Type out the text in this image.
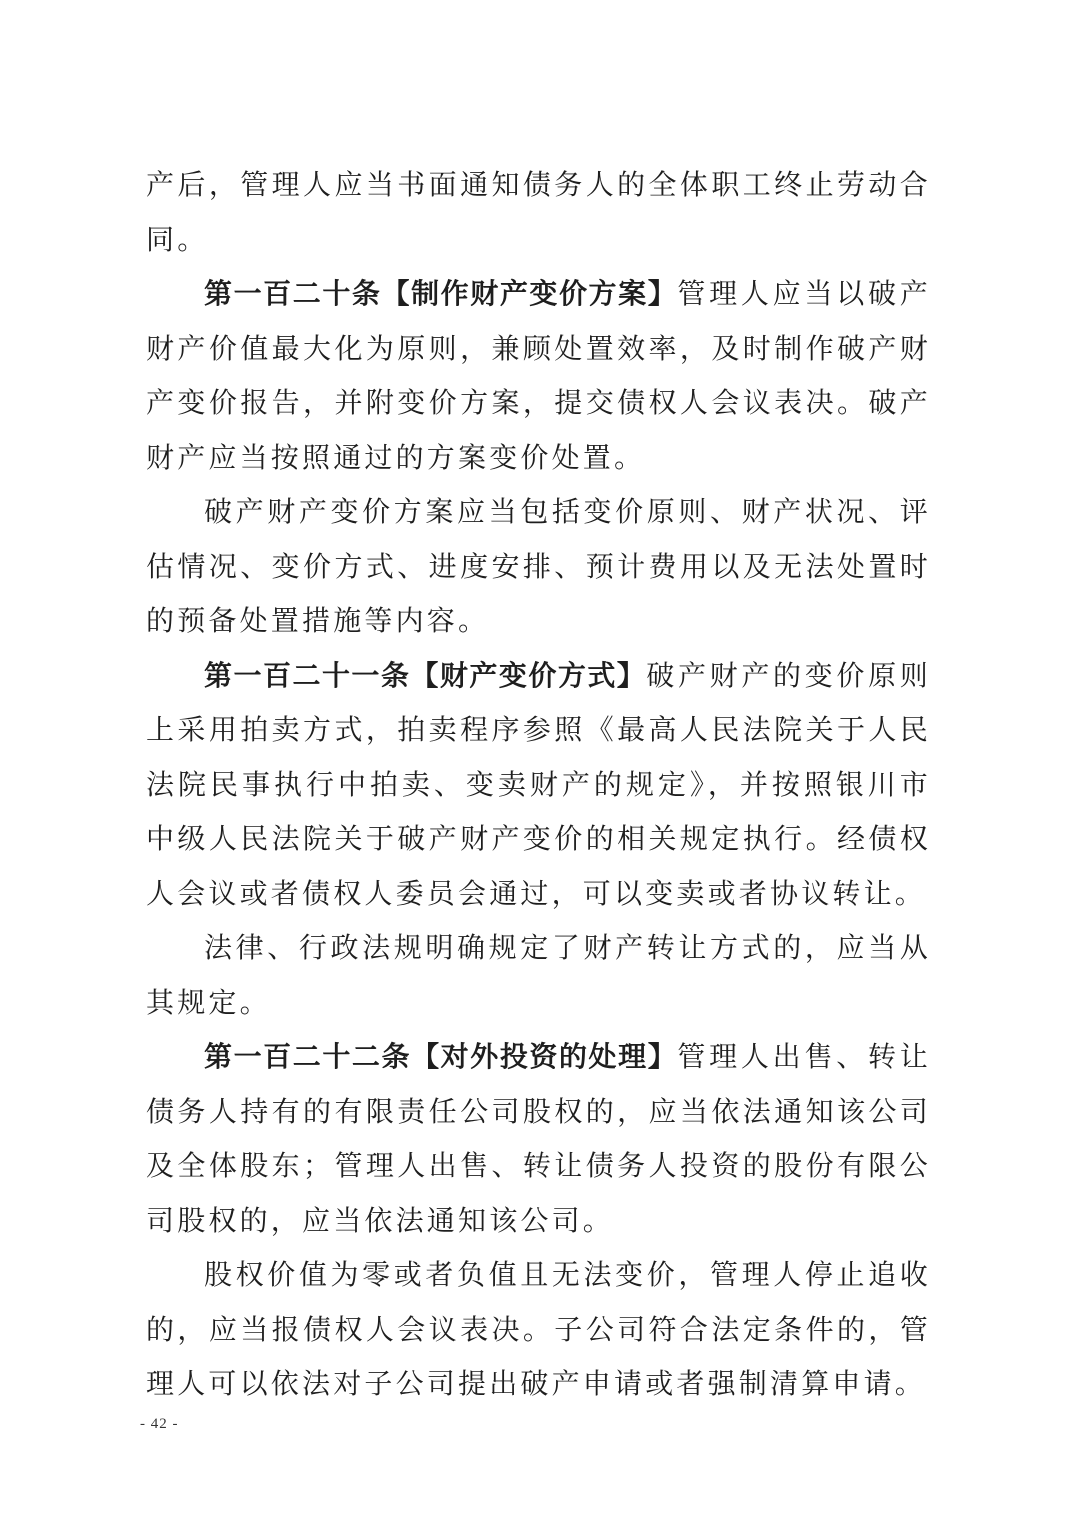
产后，管理人应当书面通知债务人的全体职工终止劳动合同。

第一百二十条【制作财产变价方案】管理人应当以破产财产价值最大化为原则，兼顾处置效率，及时制作破产财产变价报告，并附变价方案，提交债权人会议表决。破产财产应当按照通过的方案变价处置。

破产财产变价方案应当包括变价原则、财产状况、评估情况、变价方式、进度安排、预计费用以及无法处置时的预备处置措施等内容。

第一百二十一条【财产变价方式】破产财产的变价原则上采用拍卖方式，拍卖程序参照《最高人民法院关于人民法院民事执行中拍卖、变卖财产的规定》，并按照银川市中级人民法院关于破产财产变价的相关规定执行。经债权人会议或者债权人委员会通过，可以变卖或者协议转让。

法律、行政法规明确规定了财产转让方式的，应当从其规定。

第一百二十二条【对外投资的处理】管理人出售、转让债务人持有的有限责任公司股权的，应当依法通知该公司及全体股东；管理人出售、转让债务人投资的股份有限公司股权的，应当依法通知该公司。

股权价值为零或者负值且无法变价，管理人停止追收的，应当报债权人会议表决。子公司符合法定条件的，管理人可以依法对子公司提出破产申请或者强制清算申请。

- 42 -
